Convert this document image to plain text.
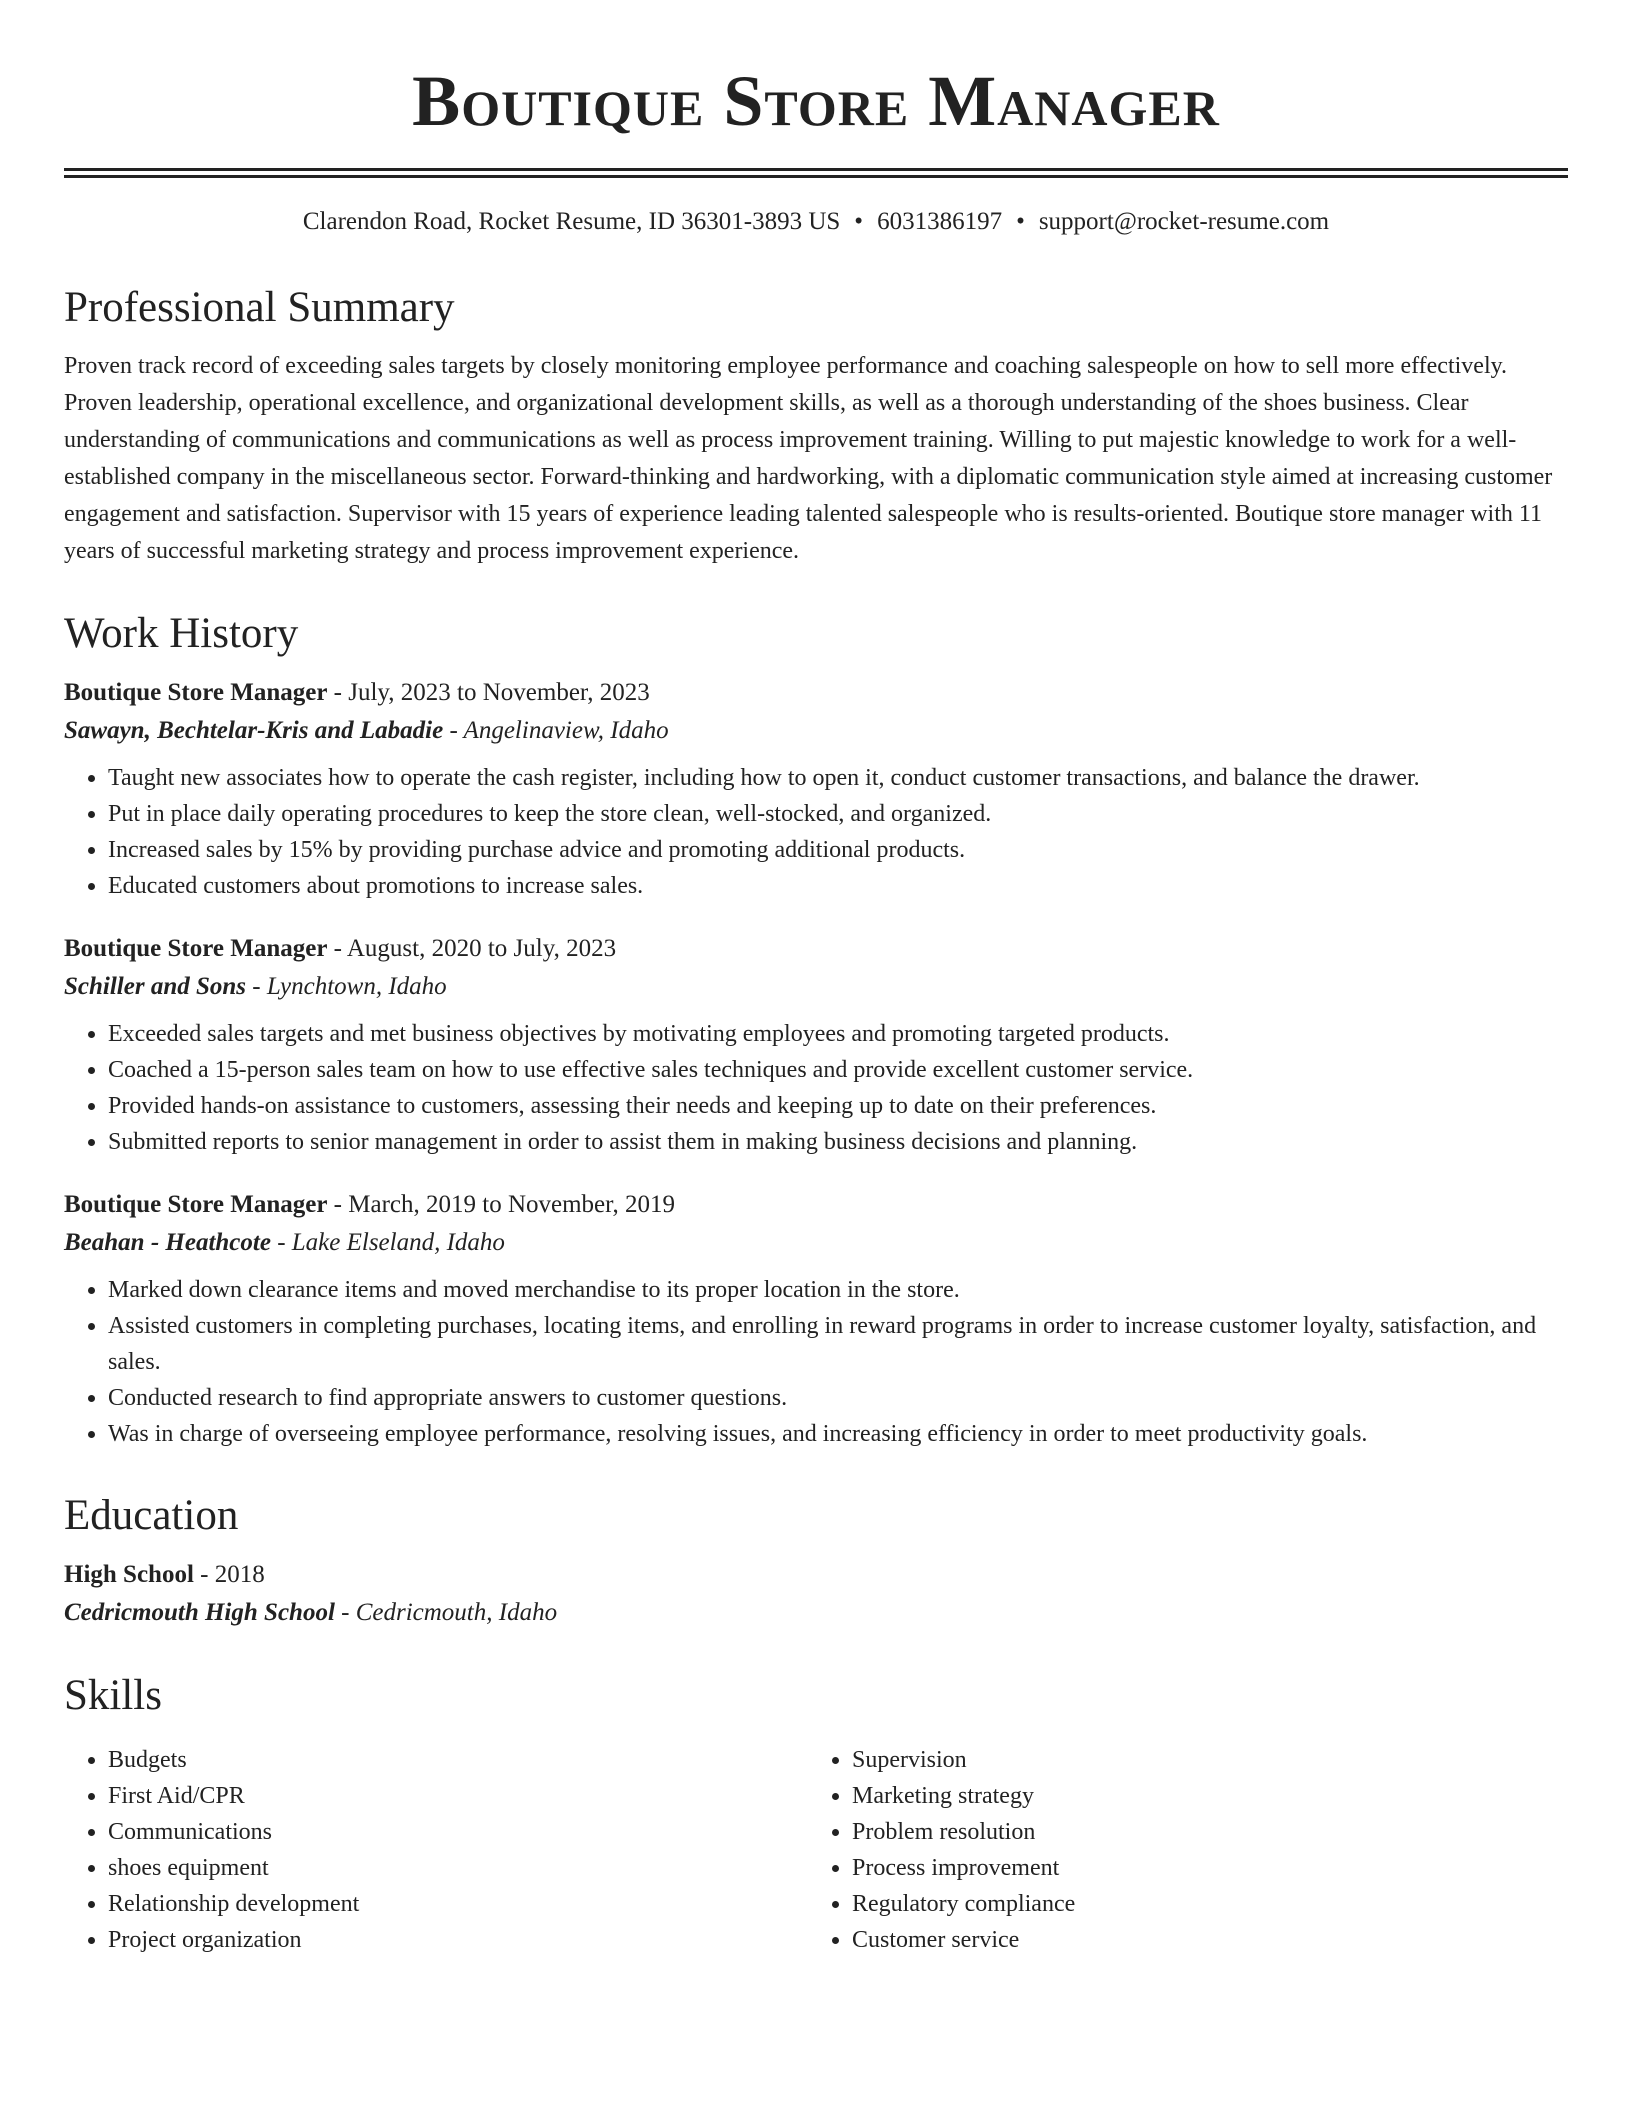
Boutique Store Manager
Clarendon Road, Rocket Resume, ID 36301-3893 US • 6031386197 • support@rocket-resume.com
Professional Summary

Proven track record of exceeding sales targets by closely monitoring employee performance and coaching salespeople on how to sell more effectively. Proven leadership, operational excellence, and organizational development skills, as well as a thorough understanding of the shoes business. Clear understanding of communications and communications as well as process improvement training. Willing to put majestic knowledge to work for a well-established company in the miscellaneous sector. Forward-thinking and hardworking, with a diplomatic communication style aimed at increasing customer engagement and satisfaction. Supervisor with 15 years of experience leading talented salespeople who is results-oriented. Boutique store manager with 11 years of successful marketing strategy and process improvement experience.

Work History
Boutique Store Manager - July, 2023 to November, 2023
Sawayn, Bechtelar-Kris and Labadie - Angelinaview, Idaho
• Taught new associates how to operate the cash register, including how to open it, conduct customer transactions, and balance the drawer.
• Put in place daily operating procedures to keep the store clean, well-stocked, and organized.
• Increased sales by 15% by providing purchase advice and promoting additional products.
• Educated customers about promotions to increase sales.
Boutique Store Manager - August, 2020 to July, 2023
Schiller and Sons - Lynchtown, Idaho
• Exceeded sales targets and met business objectives by motivating employees and promoting targeted products.
• Coached a 15-person sales team on how to use effective sales techniques and provide excellent customer service.
• Provided hands-on assistance to customers, assessing their needs and keeping up to date on their preferences.
• Submitted reports to senior management in order to assist them in making business decisions and planning.
Boutique Store Manager - March, 2019 to November, 2019
Beahan - Heathcote - Lake Elseland, Idaho
• Marked down clearance items and moved merchandise to its proper location in the store.
• Assisted customers in completing purchases, locating items, and enrolling in reward programs in order to increase customer loyalty, satisfaction, and sales.
• Conducted research to find appropriate answers to customer questions.
• Was in charge of overseeing employee performance, resolving issues, and increasing efficiency in order to meet productivity goals.
Education
High School - 2018
Cedricmouth High School - Cedricmouth, Idaho
Skills
• Budgets
• First Aid/CPR
• Communications
• shoes equipment
• Relationship development
• Project organization
• Supervision
• Marketing strategy
• Problem resolution
• Process improvement
• Regulatory compliance
• Customer service
